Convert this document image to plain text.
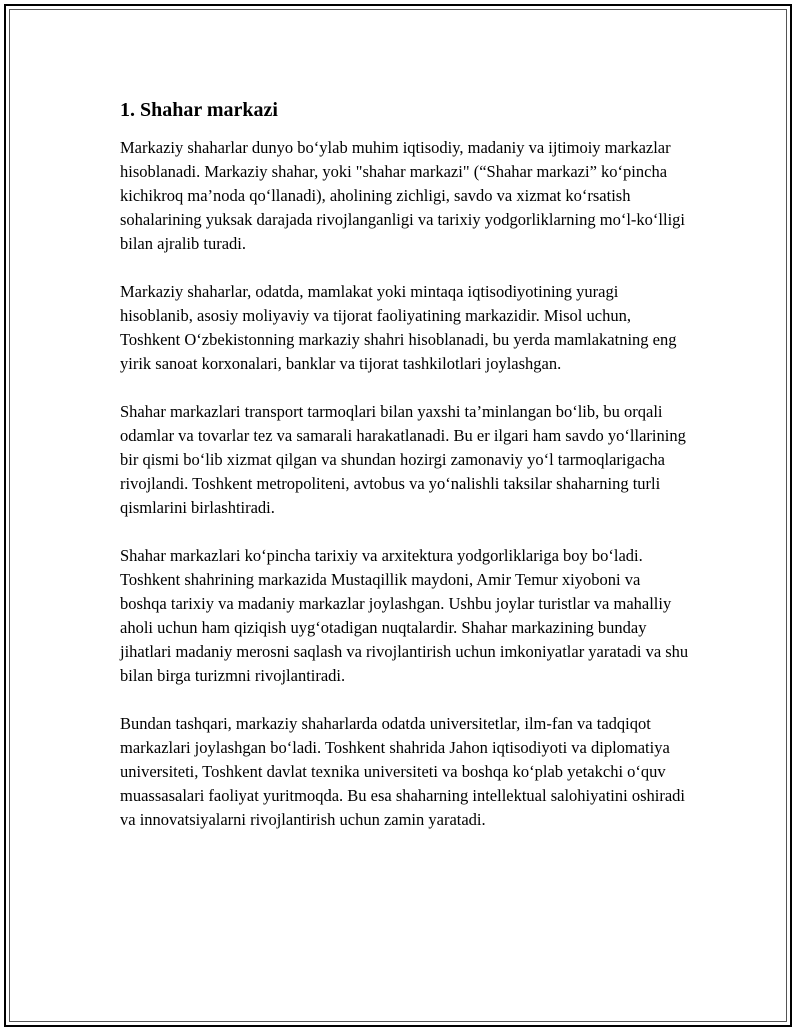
1. Shahar markazi

Markaziy shaharlar dunyo bo‘ylab muhim iqtisodiy, madaniy va ijtimoiy markazlar hisoblanadi. Markaziy shahar, yoki "shahar markazi" (“Shahar markazi” ko‘pincha kichikroq ma’noda qo‘llanadi), aholining zichligi, savdo va xizmat ko‘rsatish sohalarining yuksak darajada rivojlanganligi va tarixiy yodgorliklarning mo‘l-ko‘lligi bilan ajralib turadi.

Markaziy shaharlar, odatda, mamlakat yoki mintaqa iqtisodiyotining yuragi hisoblanib, asosiy moliyaviy va tijorat faoliyatining markazidir. Misol uchun, Toshkent O‘zbekistonning markaziy shahri hisoblanadi, bu yerda mamlakatning eng yirik sanoat korxonalari, banklar va tijorat tashkilotlari joylashgan.

Shahar markazlari transport tarmoqlari bilan yaxshi ta’minlangan bo‘lib, bu orqali odamlar va tovarlar tez va samarali harakatlanadi. Bu er ilgari ham savdo yo‘llarining bir qismi bo‘lib xizmat qilgan va shundan hozirgi zamonaviy yo‘l tarmoqlarigacha rivojlandi. Toshkent metropoliteni, avtobus va yo‘nalishli taksilar shaharning turli qismlarini birlashtiradi.

Shahar markazlari ko‘pincha tarixiy va arxitektura yodgorliklariga boy bo‘ladi. Toshkent shahrining markazida Mustaqillik maydoni, Amir Temur xiyoboni va boshqa tarixiy va madaniy markazlar joylashgan. Ushbu joylar turistlar va mahalliy aholi uchun ham qiziqish uyg‘otadigan nuqtalardir. Shahar markazining bunday jihatlari madaniy merosni saqlash va rivojlantirish uchun imkoniyatlar yaratadi va shu bilan birga turizmni rivojlantiradi.

Bundan tashqari, markaziy shaharlarda odatda universitetlar, ilm-fan va tadqiqot markazlari joylashgan bo‘ladi. Toshkent shahrida Jahon iqtisodiyoti va diplomatiya universiteti, Toshkent davlat texnika universiteti va boshqa ko‘plab yetakchi o‘quv muassasalari faoliyat yuritmoqda. Bu esa shaharning intellektual salohiyatini oshiradi va innovatsiyalarni rivojlantirish uchun zamin yaratadi.
